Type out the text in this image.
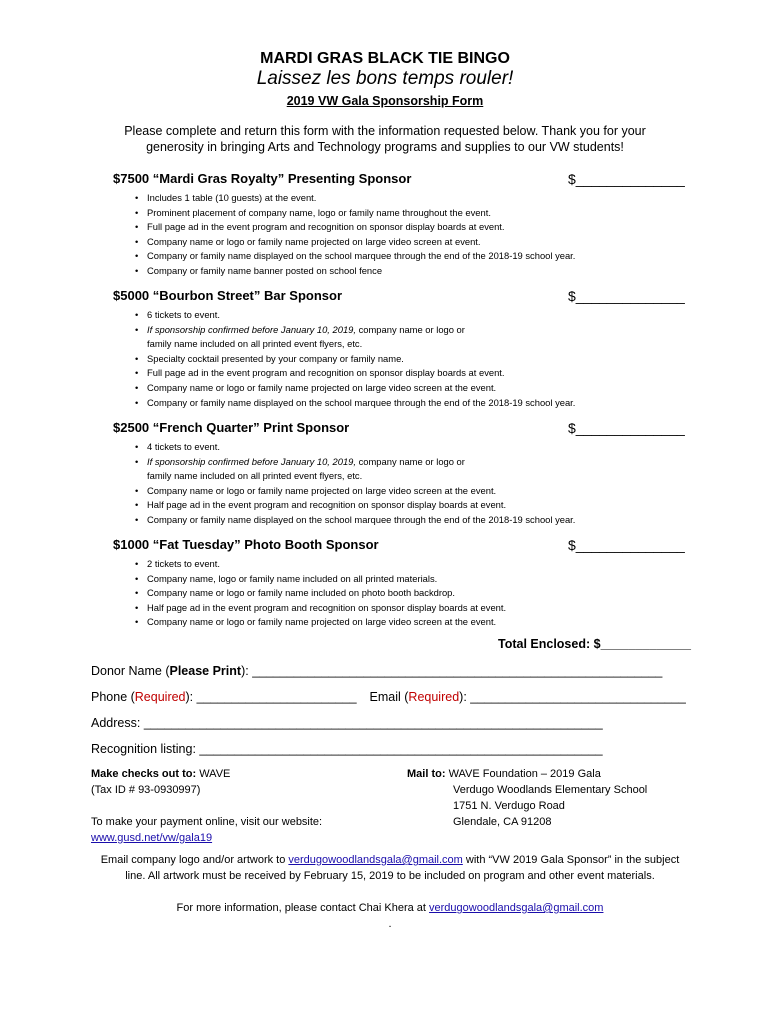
MARDI GRAS BLACK TIE BINGO
Laissez les bons temps rouler!
2019 VW Gala Sponsorship Form
Please complete and return this form with the information requested below. Thank you for your generosity in bringing Arts and Technology programs and supplies to our VW students!
$7500 “Mardi Gras Royalty” Presenting Sponsor	$______________
• Includes 1 table (10 guests) at the event.
• Prominent placement of company name, logo or family name throughout the event.
• Full page ad in the event program and recognition on sponsor display boards at event.
• Company name or logo or family name projected on large video screen at event.
• Company or family name displayed on the school marquee through the end of the 2018-19 school year.
• Company or family name banner posted on school fence
$5000 “Bourbon Street” Bar Sponsor	$______________
• 6 tickets to event.
• If sponsorship confirmed before January 10, 2019, company name or logo or
family name included on all printed event flyers, etc.
• Specialty cocktail presented by your company or family name.
• Full page ad in the event program and recognition on sponsor display boards at event.
• Company name or logo or family name projected on large video screen at the event.
• Company or family name displayed on the school marquee through the end of the 2018-19 school year.
$2500 “French Quarter” Print Sponsor	$______________
• 4 tickets to event.
• If sponsorship confirmed before January 10, 2019, company name or logo or
family name included on all printed event flyers, etc.
• Company name or logo or family name projected on large video screen at the event.
• Half page ad in the event program and recognition on sponsor display boards at event.
• Company or family name displayed on the school marquee through the end of the 2018-19 school year.
$1000 “Fat Tuesday” Photo Booth Sponsor	$______________
• 2 tickets to event.
• Company name, logo or family name included on all printed materials.
• Company name or logo or family name included on photo booth backdrop.
• Half page ad in the event program and recognition on sponsor display boards at event.
• Company name or logo or family name projected on large video screen at the event.
Total Enclosed: $_____________
Donor Name (Please Print): ___________________________________________________________
Phone (Required): _______________________ Email (Required): _______________________________
Address: __________________________________________________________________
Recognition listing: __________________________________________________________
Make checks out to: WAVE
(Tax ID # 93-0930997)
To make your payment online, visit our website:
www.gusd.net/vw/gala19
Mail to: WAVE Foundation – 2019 Gala
Verdugo Woodlands Elementary School
1751 N. Verdugo Road
Glendale, CA 91208
Email company logo and/or artwork to verdugowoodlandsgala@gmail.com with “VW 2019 Gala Sponsor” in the subject line. All artwork must be received by February 15, 2019 to be included on program and other event materials.
For more information, please contact Chai Khera at verdugowoodlandsgala@gmail.com
.
